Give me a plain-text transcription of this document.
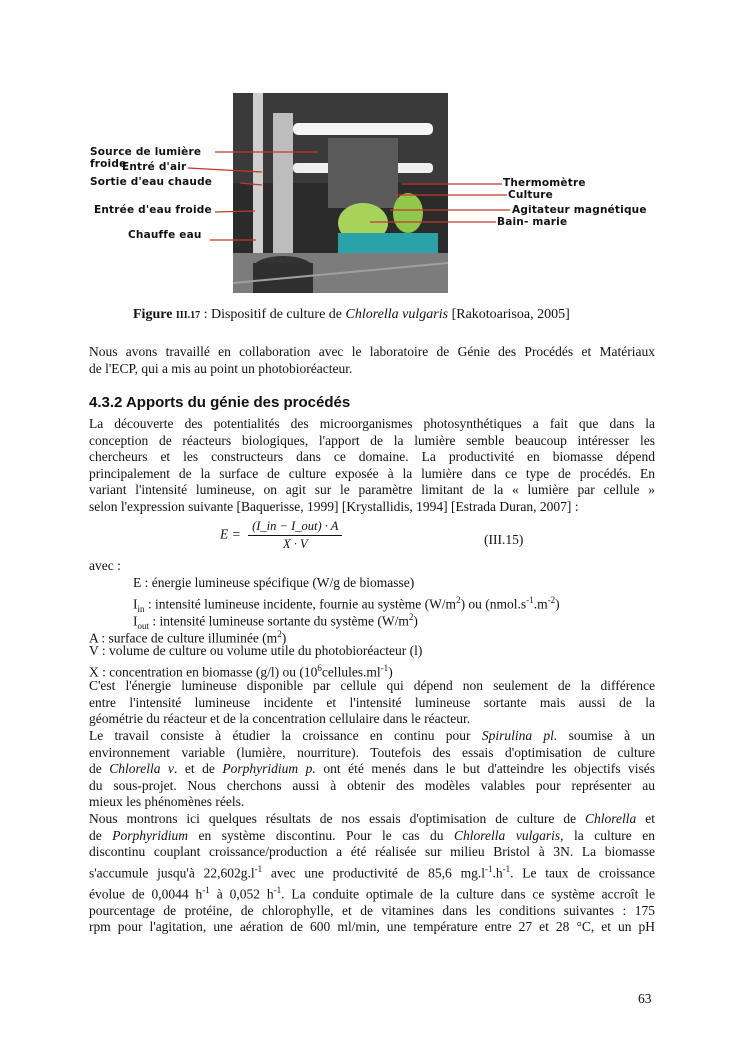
Source de lumière
froide
Entré d'air
Sortie d'eau chaude
Entrée d'eau froide
Chauffe eau
Thermomètre
Culture
Agitateur magnétique
Bain- marie
Figure III.17 : Dispositif de culture de Chlorella vulgaris [Rakotoarisoa, 2005]
Nous avons travaillé en collaboration avec le laboratoire de Génie des Procédés et Matériaux
de l'ECP, qui a mis au point un photobioréacteur.
4.3.2 Apports du génie des procédés
La découverte des potentialités des microorganismes photosynthétiques a fait que dans la
conception de réacteurs biologiques, l'apport de la lumière semble beaucoup intéresser les
chercheurs et les constructeurs dans ce domaine. La productivité en biomasse dépend
principalement de la surface de culture exposée à la lumière dans ce type de procédés. En
variant l'intensité lumineuse, on agit sur le paramètre limitant de la « lumière par cellule »
selon l'expression suivante [Baquerisse, 1999] [Krystallidis, 1994] [Estrada Duran, 2007] :
$E = \frac{\text{(I\_in − I\_out) · A}}{X \cdot V}$	(III.15)
avec :
E : énergie lumineuse spécifique (W/g de biomasse)
$I_{in}$ : intensité lumineuse incidente, fournie au système $(W/m^2)$ ou $(nmol.s^{-1}.m^{-2})$
$I_{out}$ : intensité lumineuse sortante du système $(W/m^2)$
A : surface de culture illuminée $(m^2)$
V : volume de culture ou volume utile du photobioréacteur (l)
X : concentration en biomasse (g/l) ou $(10^6cellules.ml^{-1})$
C'est l'énergie lumineuse disponible par cellule qui dépend non seulement de la différence
entre l'intensité lumineuse incidente et l'intensité lumineuse sortante mais aussi de la
géométrie du réacteur et de la concentration cellulaire dans le réacteur.
Le travail consiste à étudier la croissance en continu pour Spirulina pl. soumise à un
environnement variable (lumière, nourriture). Toutefois des essais d'optimisation de culture
de Chlorella v. et de Porphyridium p. ont été menés dans le but d'atteindre les objectifs visés
du sous-projet. Nous cherchons aussi à obtenir des modèles valables pour représenter au
mieux les phénomènes réels.
Nous montrons ici quelques résultats de nos essais d'optimisation de culture de Chlorella et
de Porphyridium en système discontinu. Pour le cas du Chlorella vulgaris, la culture en
discontinu couplant croissance/production a été réalisée sur milieu Bristol à 3N. La biomasse
s'accumule jusqu'à $22,602g.l^{-1}$ avec une productivité de 85,6 $mg.l^{-1}.h^{-1}$. Le taux de croissance
évolue de 0,0044 $h^{-1}$ à 0,052 $h^{-1}$. La conduite optimale de la culture dans ce système accroît le
pourcentage de protéine, de chlorophylle, et de vitamines dans les conditions suivantes : 175
rpm pour l'agitation, une aération de 600 ml/min, une température entre 27 et 28 °C, et un pH
63
